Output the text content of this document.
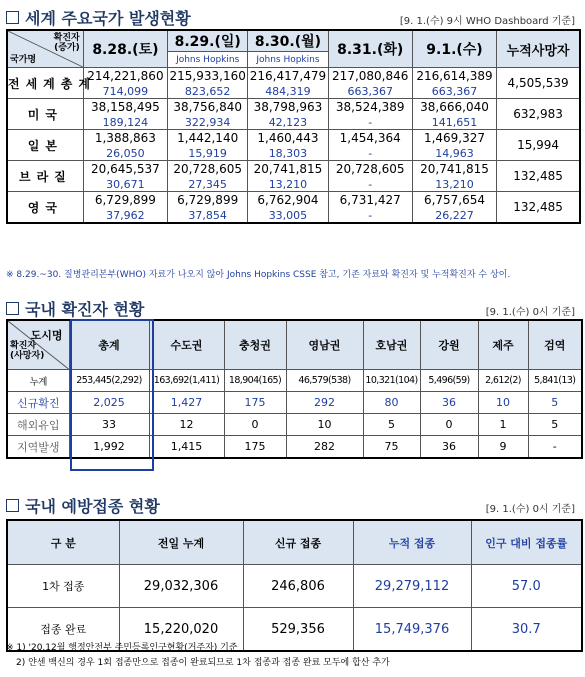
세계 주요국가 발생현황	[9. 1.(수) 9시 WHO Dashboard 기준]
확진자
(증가)
국가명	8.28.(토)	8.29.(일)	8.30.(월)	8.31.(화)	9.1.(수)	누적사망자
		Johns Hopkins	Johns Hopkins			
전세계총계	214,221,860	215,933,160	216,417,479	217,080,846	216,614,389	4,505,539
	714,099	823,652	484,319	663,367	663,367	
미국	38,158,495	38,756,840	38,798,963	38,524,389	38,666,040	632,983
	189,124	322,934	42,123	-	141,651	
일본	1,388,863	1,442,140	1,460,443	1,454,364	1,469,327	15,994
	26,050	15,919	18,303	-	14,963	
브라질	20,645,537	20,728,605	20,741,815	20,728,605	20,741,815	132,485
	30,671	27,345	13,210	-	13,210	
영국	6,729,899	6,729,899	6,762,904	6,731,427	6,757,654	132,485
	37,962	37,854	33,005	-	26,227	
※ 8.29.~30. 질병관리본부(WHO) 자료가 나오지 않아 Johns Hopkins CSSE 참고, 기존 자료와 확진자 및 누적확진자 수 상이.
국내 확진자 현황	[9. 1.(수) 0시 기준]
도시명
확진자
(사망자)	총계	수도권	충청권	영남권	호남권	강원	제주	검역
누계	253,445(2,292)	163,692(1,411)	18,904(165)	46,579(538)	10,321(104)	5,496(59)	2,612(2)	5,841(13)
신규확진	2,025	1,427	175	292	80	36	10	5
해외유입	33	12	0	10	5	0	1	5
지역발생	1,992	1,415	175	282	75	36	9	-
국내 예방접종 현황	[9. 1.(수) 0시 기준]
구 분	전일 누계	신규 접종	누적 접종	인구 대비 접종률
1차 접종	29,032,306	246,806	29,279,112	57.0
접종 완료	15,220,020	529,356	15,749,376	30.7
※ 1) '20.12월 행정안전부 주민등록인구현황(거주자) 기준
2) 얀센 백신의 경우 1회 접종만으로 접종이 완료되므로 1차 접종과 접종 완료 모두에 합산 추가
